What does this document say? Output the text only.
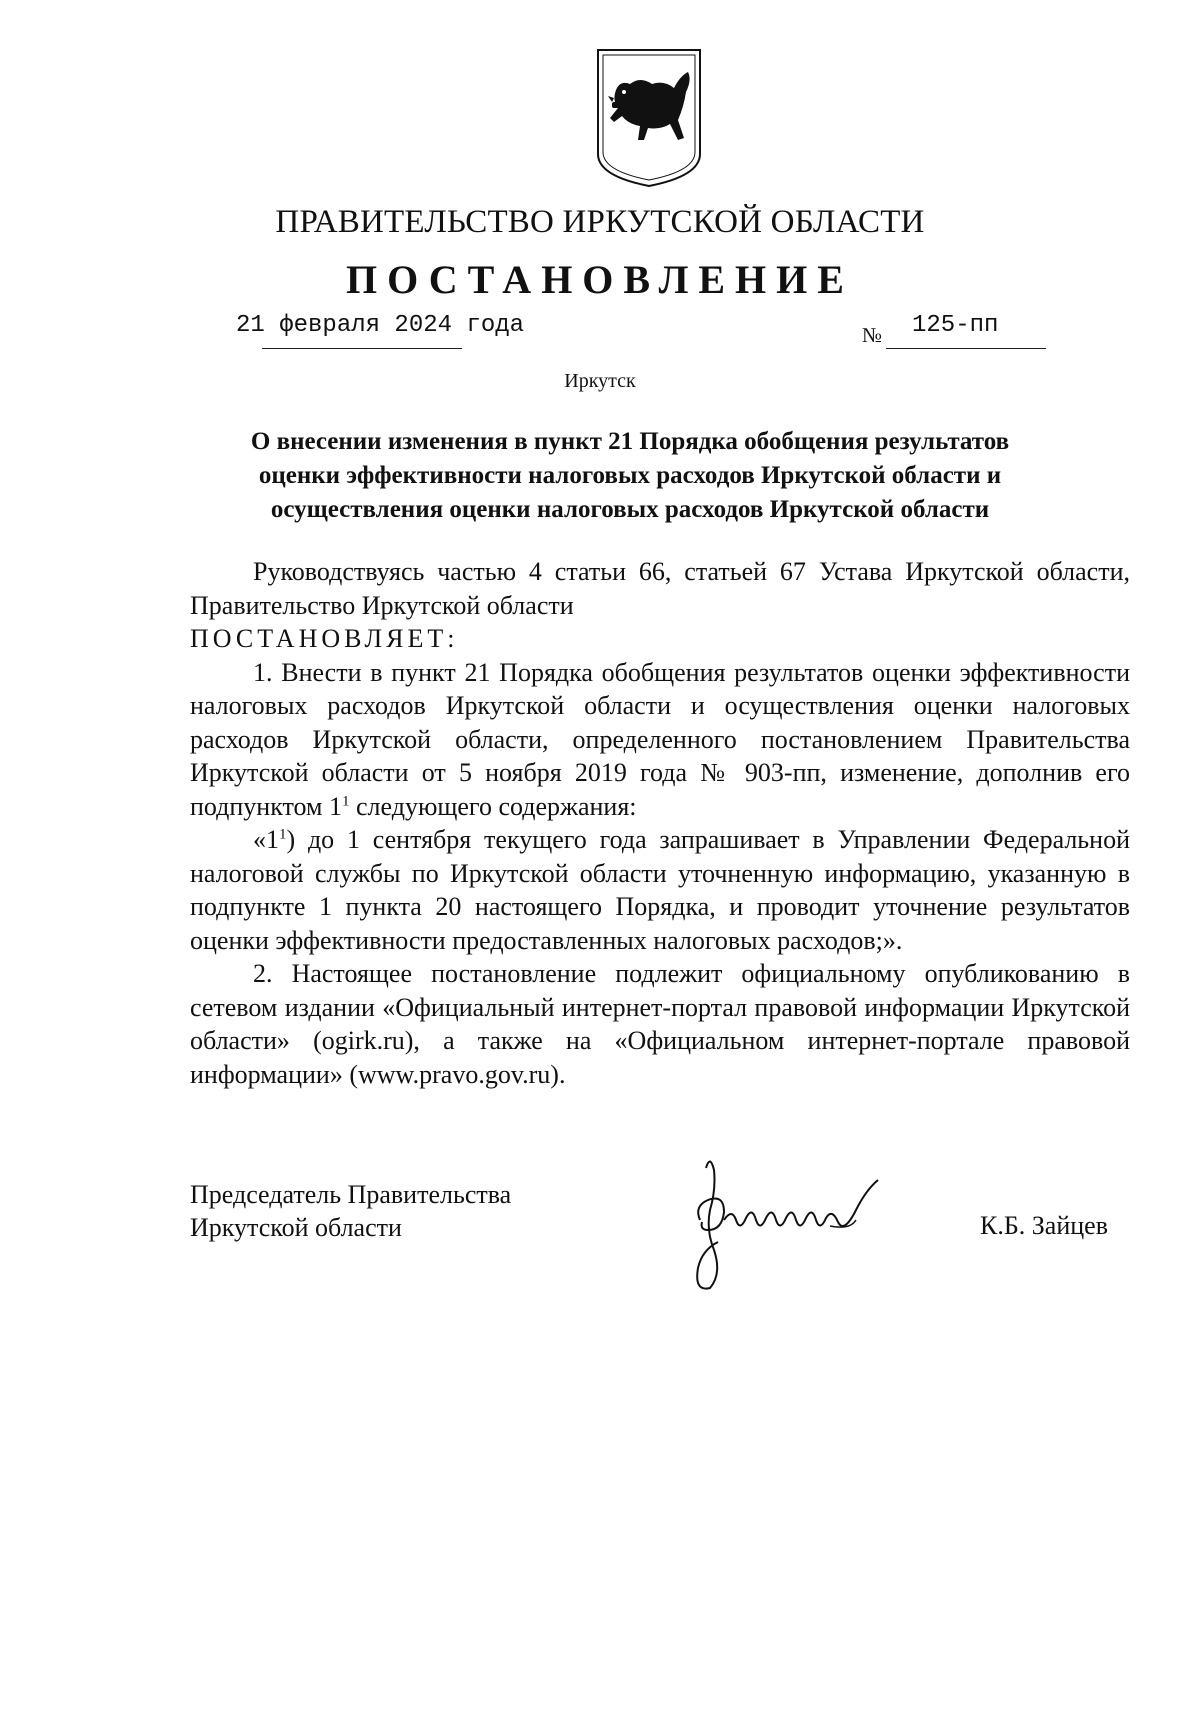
ПРАВИТЕЛЬСТВО ИРКУТСКОЙ ОБЛАСТИ
ПОСТАНОВЛЕНИЕ
21 февраля 2024 года	№ 125-пп
Иркутск
О внесении изменения в пункт 21 Порядка обобщения результатов
оценки эффективности налоговых расходов Иркутской области и
осуществления оценки налоговых расходов Иркутской области

Руководствуясь частью 4 статьи 66, статьей 67 Устава Иркутской области, Правительство Иркутской области

ПОСТАНОВЛЯЕТ:

1. Внести в пункт 21 Порядка обобщения результатов оценки эффективности налоговых расходов Иркутской области и осуществления оценки налоговых расходов Иркутской области, определенного постановлением Правительства Иркутской области от 5 ноября 2019 года № 903-пп, изменение, дополнив его подпунктом $1^1$ следующего содержания:

«$1^1$) до 1 сентября текущего года запрашивает в Управлении Федеральной налоговой службы по Иркутской области уточненную информацию, указанную в подпункте 1 пункта 20 настоящего Порядка, и проводит уточнение результатов оценки эффективности предоставленных налоговых расходов;».

2. Настоящее постановление подлежит официальному опубликованию в сетевом издании «Официальный интернет-портал правовой информации Иркутской области» (ogirk.ru), а также на «Официальном интернет-портале правовой информации» (www.pravo.gov.ru).

Председатель Правительства
Иркутской области	К.Б. Зайцев
